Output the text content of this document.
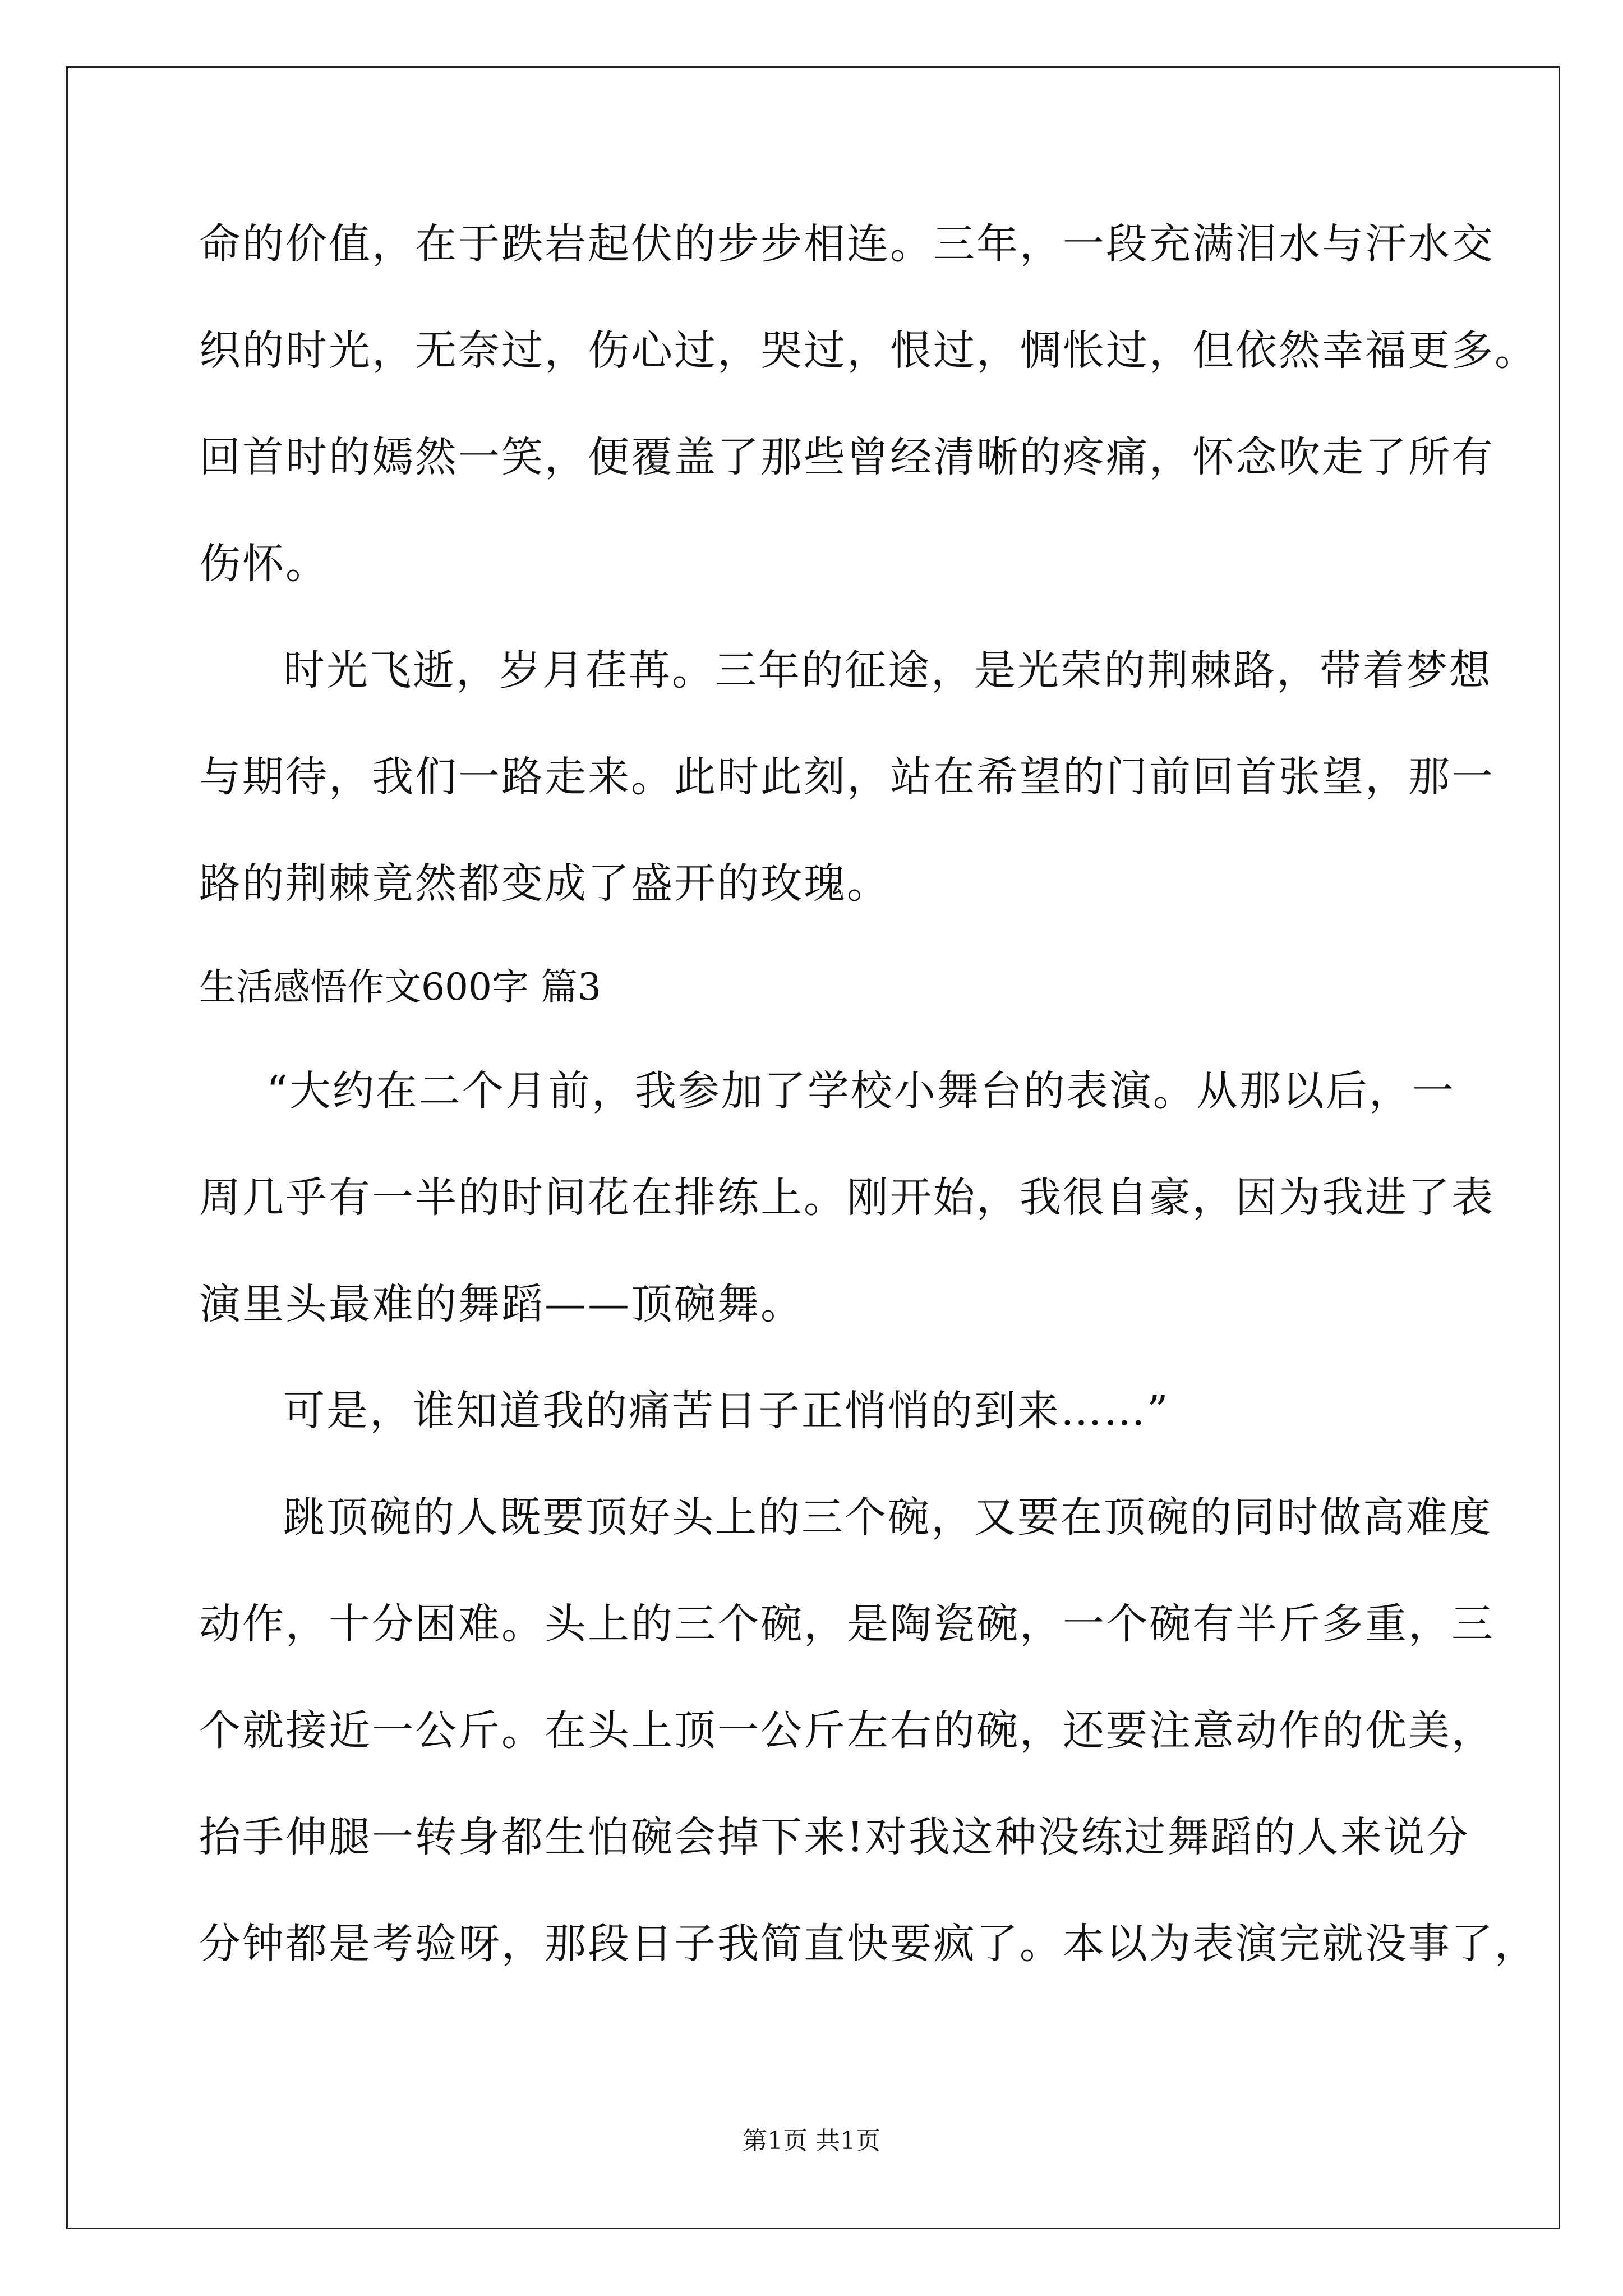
命的价值，在于跌岩起伏的步步相连。三年，一段充满泪水与汗水交
织的时光，无奈过，伤心过，哭过，恨过，惆怅过，但依然幸福更多。
回首时的嫣然一笑，便覆盖了那些曾经清晰的疼痛，怀念吹走了所有
伤怀。
时光飞逝，岁月荏苒。三年的征途，是光荣的荆棘路，带着梦想
与期待，我们一路走来。此时此刻，站在希望的门前回首张望，那一
路的荆棘竟然都变成了盛开的玫瑰。
生活感悟作文600字 篇3
“大约在二个月前，我参加了学校小舞台的表演。从那以后，一
周几乎有一半的时间花在排练上。刚开始，我很自豪，因为我进了表
演里头最难的舞蹈——顶碗舞。
可是，谁知道我的痛苦日子正悄悄的到来……”
跳顶碗的人既要顶好头上的三个碗，又要在顶碗的同时做高难度
动作，十分困难。头上的三个碗，是陶瓷碗，一个碗有半斤多重，三
个就接近一公斤。在头上顶一公斤左右的碗，还要注意动作的优美，
抬手伸腿一转身都生怕碗会掉下来!对我这种没练过舞蹈的人来说分
分钟都是考验呀，那段日子我简直快要疯了。本以为表演完就没事了，
第1页 共1页
